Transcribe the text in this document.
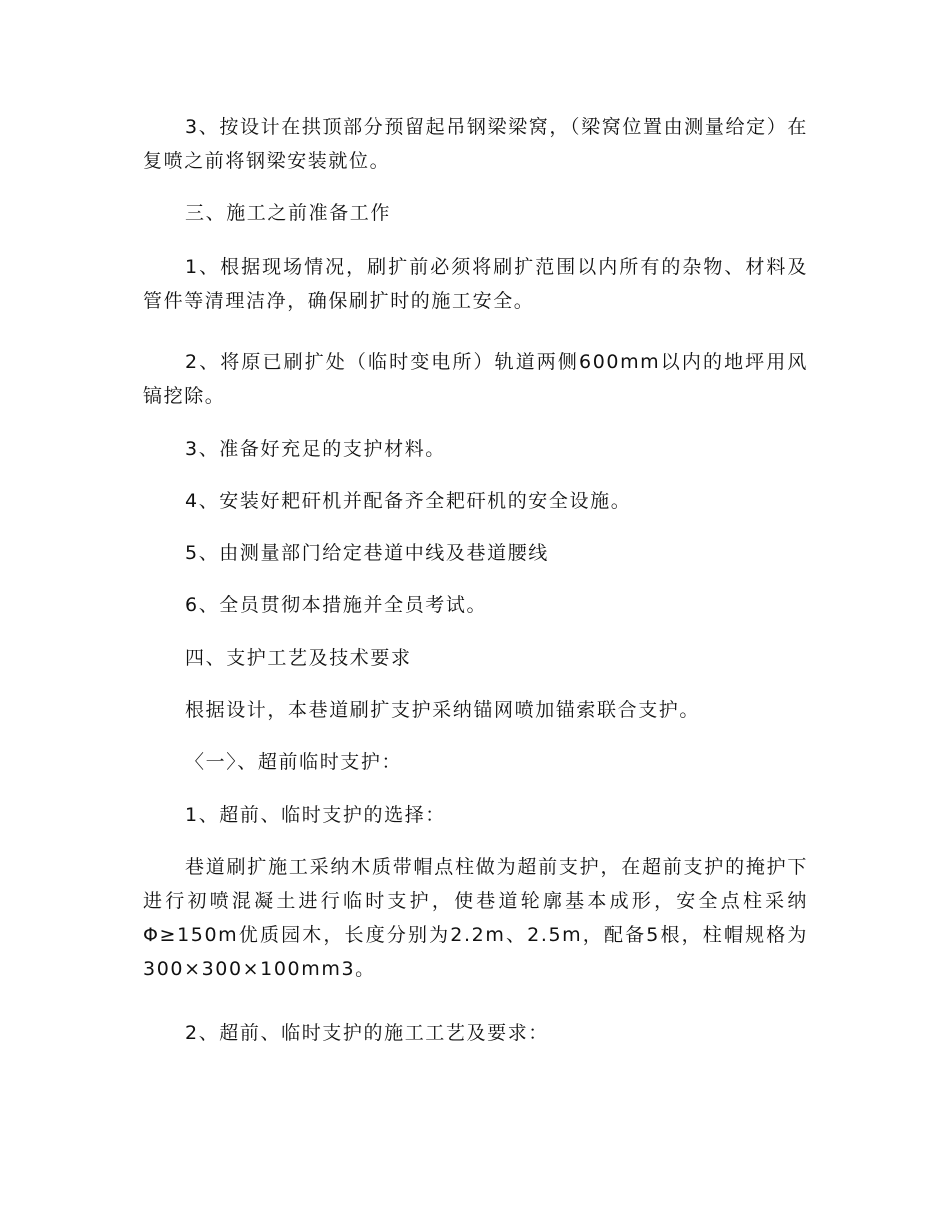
3、按设计在拱顶部分预留起吊钢梁梁窝，（梁窝位置由测量给定）在复喷之前将钢梁安装就位。

三、施工之前准备工作

1、根据现场情况，刷扩前必须将刷扩范围以内所有的杂物、材料及管件等清理洁净，确保刷扩时的施工安全。

2、将原已刷扩处（临时变电所）轨道两侧600mm以内的地坪用风镐挖除。

3、准备好充足的支护材料。

4、安装好耙矸机并配备齐全耙矸机的安全设施。

5、由测量部门给定巷道中线及巷道腰线

6、全员贯彻本措施并全员考试。

四、支护工艺及技术要求

根据设计，本巷道刷扩支护采纳锚网喷加锚索联合支护。

〈一〉、超前临时支护：

1、超前、临时支护的选择：

巷道刷扩施工采纳木质带帽点柱做为超前支护，在超前支护的掩护下进行初喷混凝土进行临时支护，使巷道轮廓基本成形，安全点柱采纳Φ≥150m优质园木，长度分别为2.2m、2.5m，配备5根，柱帽规格为300×300×100mm3。

2、超前、临时支护的施工工艺及要求：
